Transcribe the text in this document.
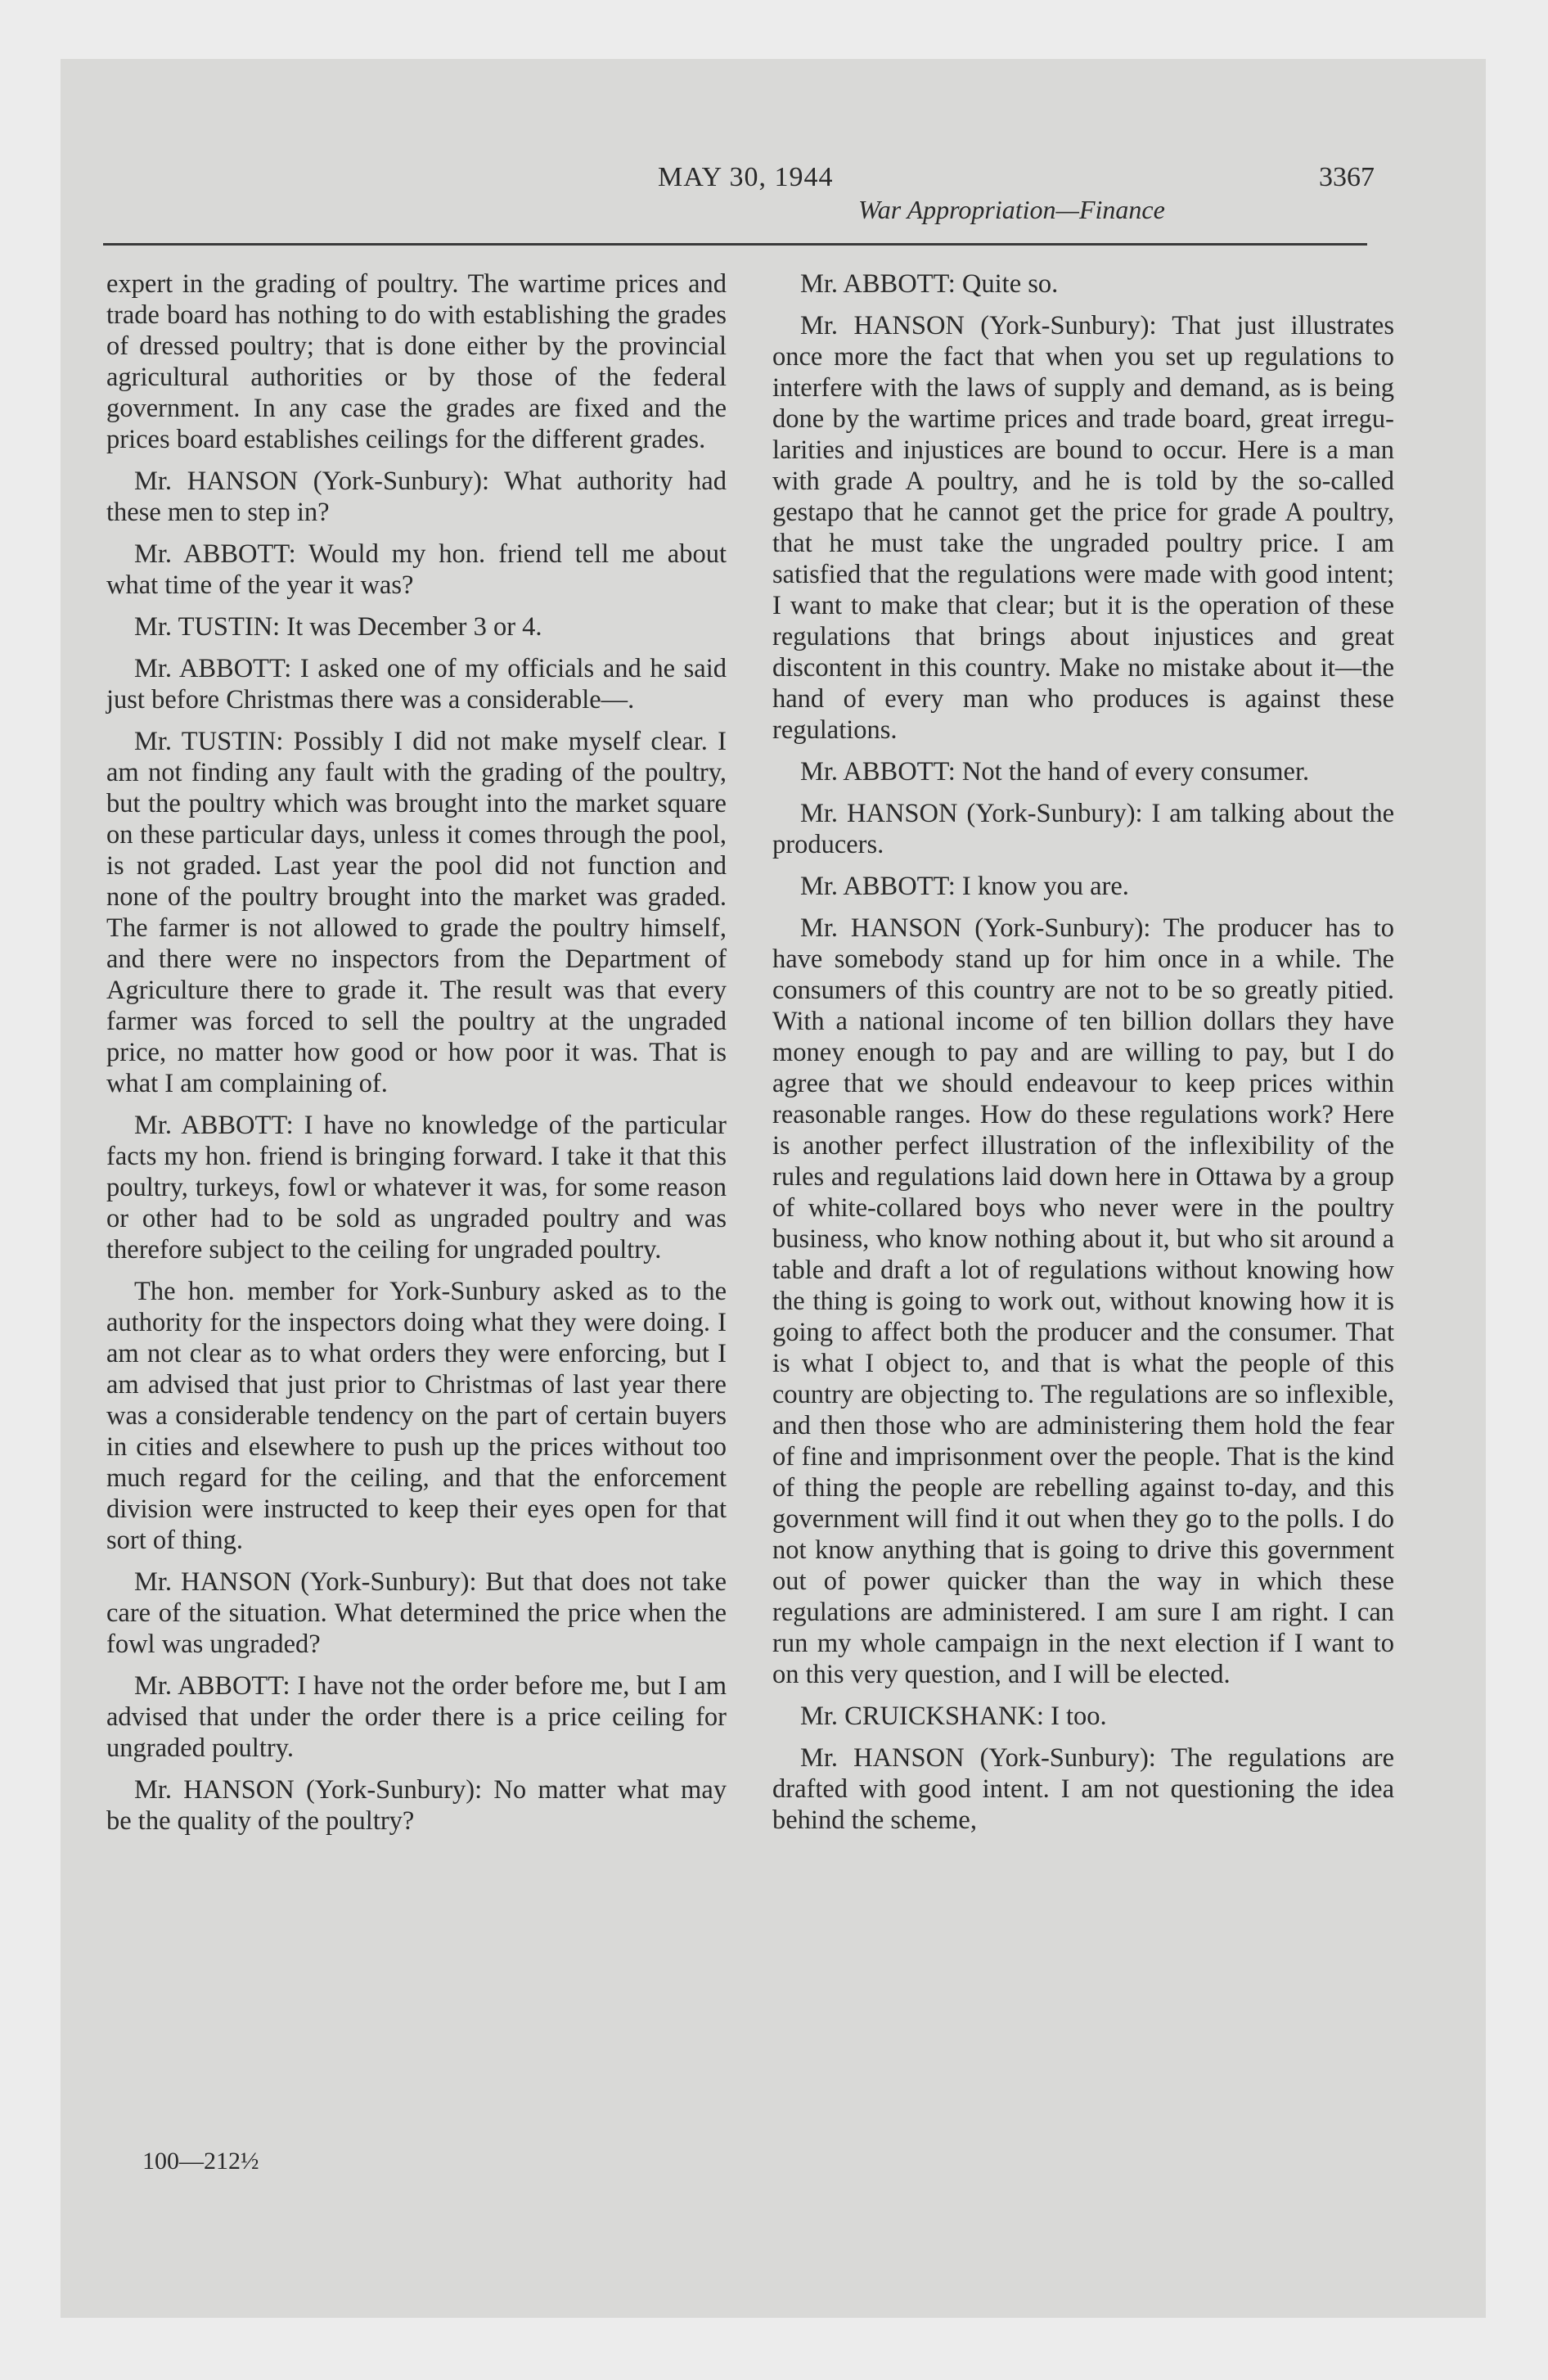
MAY 30, 1944	3367
War Appropriation—Finance

expert in the grading of poultry. The wartime prices and trade board has nothing to do with establishing the grades of dressed poultry; that is done either by the provincial agricultural authorities or by those of the federal government. In any case the grades are fixed and the prices board establishes ceilings for the different grades.

Mr. HANSON (York-Sunbury): What authority had these men to step in?

Mr. ABBOTT: Would my hon. friend tell me about what time of the year it was?

Mr. TUSTIN: It was December 3 or 4.

Mr. ABBOTT: I asked one of my officials and he said just before Christmas there was a considerable—.

Mr. TUSTIN: Possibly I did not make myself clear. I am not finding any fault with the grading of the poultry, but the poultry which was brought into the market square on these particular days, unless it comes through the pool, is not graded. Last year the pool did not function and none of the poultry brought into the market was graded. The farmer is not allowed to grade the poultry himself, and there were no inspectors from the Department of Agriculture there to grade it. The result was that every farmer was forced to sell the poultry at the ungraded price, no matter how good or how poor it was. That is what I am complaining of.

Mr. ABBOTT: I have no knowledge of the particular facts my hon. friend is bringing forward. I take it that this poultry, turkeys, fowl or whatever it was, for some reason or other had to be sold as ungraded poultry and was therefore subject to the ceiling for ungraded poultry.

The hon. member for York-Sunbury asked as to the authority for the inspectors doing what they were doing. I am not clear as to what orders they were enforcing, but I am advised that just prior to Christmas of last year there was a considerable tendency on the part of certain buyers in cities and elsewhere to push up the prices without too much regard for the ceiling, and that the enforcement division were instructed to keep their eyes open for that sort of thing.

Mr. HANSON (York-Sunbury): But that does not take care of the situation. What determined the price when the fowl was ungraded?

Mr. ABBOTT: I have not the order before me, but I am advised that under the order there is a price ceiling for ungraded poultry.

Mr. HANSON (York-Sunbury): No matter what may be the quality of the poultry?

Mr. ABBOTT: Quite so.

Mr. HANSON (York-Sunbury): That just illustrates once more the fact that when you set up regulations to interfere with the laws of supply and demand, as is being done by the wartime prices and trade board, great irregularities and injustices are bound to occur. Here is a man with grade A poultry, and he is told by the so-called gestapo that he cannot get the price for grade A poultry, that he must take the ungraded poultry price. I am satisfied that the regulations were made with good intent; I want to make that clear; but it is the operation of these regulations that brings about injustices and great discontent in this country. Make no mistake about it—the hand of every man who produces is against these regulations.

Mr. ABBOTT: Not the hand of every consumer.

Mr. HANSON (York-Sunbury): I am talking about the producers.

Mr. ABBOTT: I know you are.

Mr. HANSON (York-Sunbury): The producer has to have somebody stand up for him once in a while. The consumers of this country are not to be so greatly pitied. With a national income of ten billion dollars they have money enough to pay and are willing to pay, but I do agree that we should endeavour to keep prices within reasonable ranges. How do these regulations work? Here is another perfect illustration of the inflexibility of the rules and regulations laid down here in Ottawa by a group of white-collared boys who never were in the poultry business, who know nothing about it, but who sit around a table and draft a lot of regulations without knowing how the thing is going to work out, without knowing how it is going to affect both the producer and the consumer. That is what I object to, and that is what the people of this country are objecting to. The regulations are so inflexible, and then those who are administering them hold the fear of fine and imprisonment over the people. That is the kind of thing the people are rebelling against to-day, and this government will find it out when they go to the polls. I do not know anything that is going to drive this government out of power quicker than the way in which these regulations are administered. I am sure I am right. I can run my whole campaign in the next election if I want to on this very question, and I will be elected.

Mr. CRUICKSHANK: I too.

Mr. HANSON (York-Sunbury): The regulations are drafted with good intent. I am not questioning the idea behind the scheme,

100—212½
